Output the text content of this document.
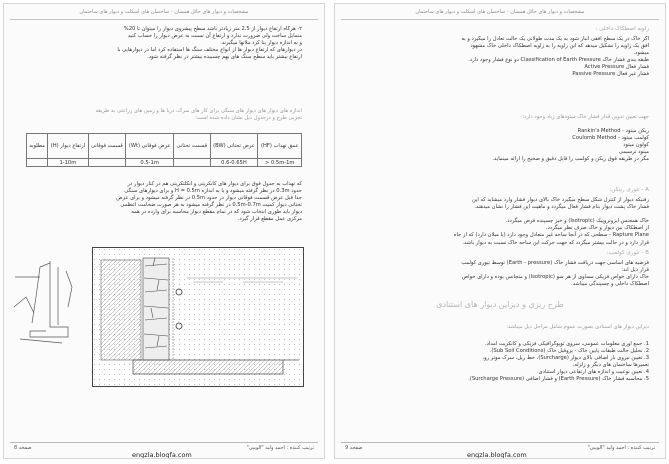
مشخصات و دیوار های حائل همسان - ساختمان های اسکلت و دیوار های ساختمان
۲- هرگاه ارتفاع دیوار از 2.5 متر زیادتر باشد سطح پیشروی دیوار را میتوان تا 20%
متمایل ساخت ولی ضرورت ندارد و ارتفاع آن نسبت به عرض دیوار را حساب کنید
و به اندازه دیوار بنا کرد ملاتها میگیرند.
در دیوارهای که ارتفاع دیوار ها از انواع مختلف سنگ ها استفاده کرد اما در دیوارهایی با
ارتفاع بیشتر باید سطح سنگ های بهم چسبیده بیشتر در نظر گرفته شود.
اندازه های دیوار های دیوار های سنگی برای کار های سرک، دریا ها و زمین های زراعتی به طریقه
تجربی طرح و درجدول ذیل نشان داده شده است:
عمق تهداب (HF)	عرض تحتانی (BW)	قسمت تحتانی	عرض فوقانی (Wt)	قسمت فوقانی	ارتفاع دیوار (H)	مطلوبه
> 0.5m-1m	0.6-0.65H		0.5-1m		1-10m	
که تهداب به جدول فوق برای دیوار های کانکریتی و انکلتکریتی هم در کنار دیوار در
حدود 0.3m در نظر گرفته میشود و یا به اندازه H = 0.5m و برای دیوارهای سنگی
جدا قبل عرض قسمت فوقانی دیوار در حدود 0.5m در نظر گرفته میشود و برای عرض
تحتانی دیوار کمیت 0.5m-0.7m در نظر گرفته میشود به هر صورت ضخامت اعظمی
دیوار باید طوری انتخاب شود که در تمام مقطع دیوار محاسبه برای وارده در همه
مرکزی عمل مقطع قرار گیرد.
صفحه 8	ترتیب کننده : احمد ولید "الوبیی"
engzla.blogfa.com
مشخصات و دیوار های حائل همسان - ساختمان های اسکلت و دیوار های ساختمان
زاویه اصطکاک داخلی :
اگر خاک در یک سطح افقی انبار شود به یک مدت طولانی یک حالت تعادل را میگیرد و به
افق یک زاویه را تشکیل میدهد که این زاویه را به زاویه اصطکاک داخلی خاک مشهود
میشود.
طبقه بندی فشار خاک Classification of Earth Pressure دو نوع فشار وجود دارد.
فشار فعال Active Pressure
فشار غیر فعال Passive Pressure
جهت تعیین تدوین قدار فشار خاک میتودهای زیاد وجود دارد:
ریکن میتود - Rankin's Method
کولمب میتود - Coulomb Method
کولون میتود
میتود ترسیمی
مگر در طریقه فوق ریکن و کولمب را قابل دقیق و صحیح را ارائه مینماید.
A - تئوری رینکن:
رفتیکه دیوار از کنترل شکل سطح میگیرد خاک بالای دیوار فشار وارد میشاید که این
فشار خاک پشت دیوار بنام فشار فعال میگردد و ماهیت این فشار را نشان میدهند.
خاک همجنس ایزوتروپیک (Isotropic) و خیز چسپنده فرض میگردد.
از اصطکاک بین دیوار و خاک صرف نظر میگردد.
Rapture Plane - سطحی که در آنجا ساحه غیر متعادل وجود دارد (یا میلان دارد) که از جاه
قرار دارد و در حالت بیشتر میگردد که جهت حرکت این ساحه خاک نسبت به دیوار باشد.
B - تئوری کولمب:
فرضیه های اساسی جهت دریافت فشار خاک (Earth - pressure) توسط تیوری کولمب
قرار ذیل اند:
خاک دارای خواص فزیکی مساوی از هر سو (Isotropic) و متجانس بوده و دارای خواص
اصطکاک داخلی و چسپندگی میباشد.
طرح ریزی و دیزاین دیوار های استنادی
دیزاین دیوار های استنادی بصورت عموم شامل مراحل ذیل میباشد:
1. جمع آوری معلومات عمومی، سروی توپوگرافیکی فزیکی و کانکریت امداد.
2. تحلیل حالت طبقات پایین خاک - پروفیل خاک (Sub Soil Conditions).
3. تعیین نیروی بار اضافی بالای دیوار (Surcharge)، خط ریل، سرک موتر رو،
تعمیرها ساختمان های دیگر و زلزله.
4. تعیین نوعیت و اندازه های ارتفاعی دیوار استنادی.
5. محاسبه فشار خاک (Earth Pressure) و فشار اضافی (Surcharge Pressure).
صفحه 9	ترتیب کننده : احمد ولید "الوبیی"
engzla.blogfa.com
